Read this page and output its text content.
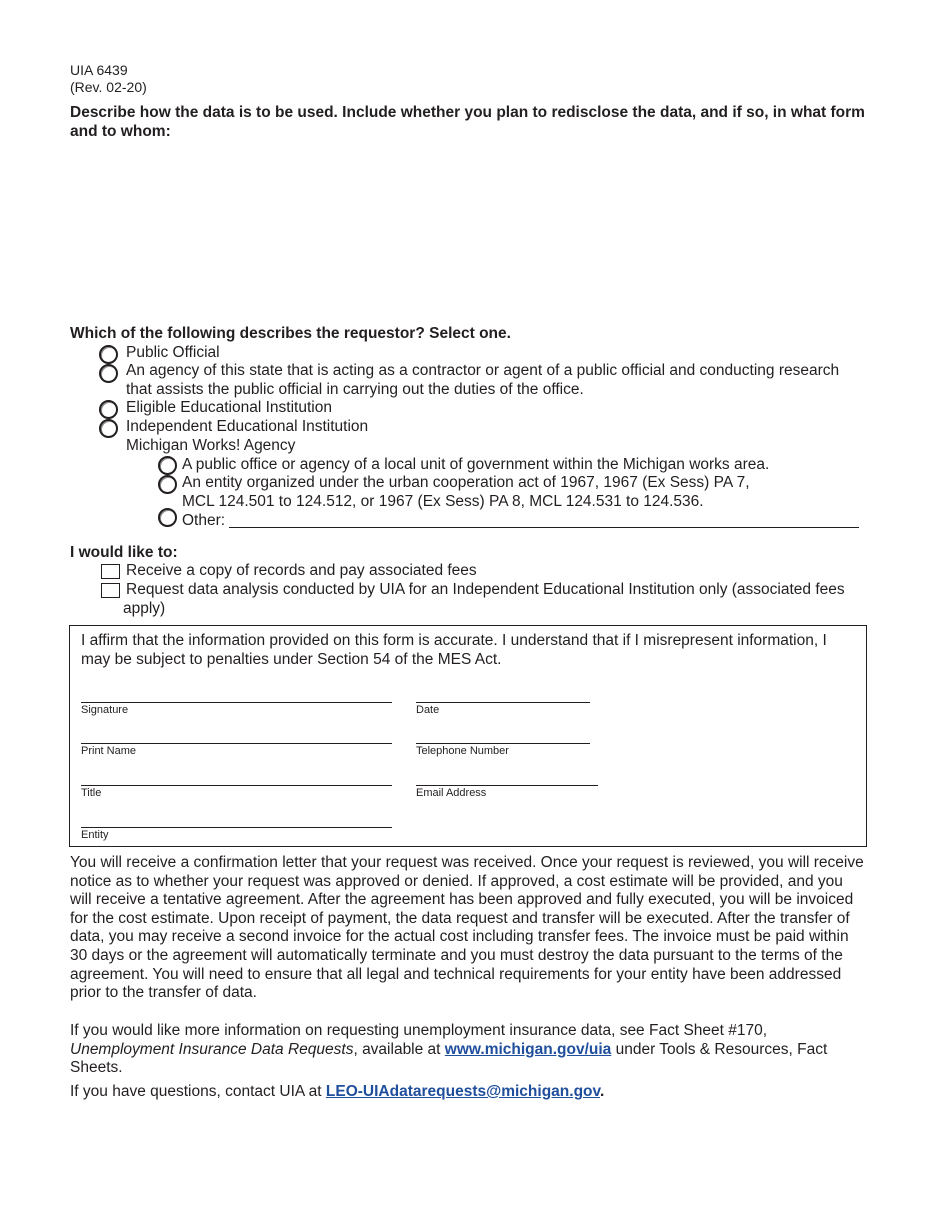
UIA 6439
(Rev. 02-20)
Describe how the data is to be used. Include whether you plan to redisclose the data, and if so, in what form and to whom:
Which of the following describes the requestor? Select one.
Public Official
An agency of this state that is acting as a contractor or agent of a public official and conducting research that assists the public official in carrying out the duties of the office.
Eligible Educational Institution
Independent Educational Institution
Michigan Works! Agency
A public office or agency of a local unit of government within the Michigan works area.
An entity organized under the urban cooperation act of 1967, 1967 (Ex Sess) PA 7,
MCL 124.501 to 124.512, or 1967 (Ex Sess) PA 8, MCL 124.531 to 124.536.
Other:
I would like to:
Receive a copy of records and pay associated fees
Request data analysis conducted by UIA for an Independent Educational Institution only (associated fees
apply)
I affirm that the information provided on this form is accurate. I understand that if I misrepresent information, I may be subject to penalties under Section 54 of the MES Act.
Signature	Date
Print Name	Telephone Number
Title	Email Address
Entity
You will receive a confirmation letter that your request was received. Once your request is reviewed, you will receive notice as to whether your request was approved or denied. If approved, a cost estimate will be provided, and you will receive a tentative agreement. After the agreement has been approved and fully executed, you will be invoiced for the cost estimate. Upon receipt of payment, the data request and transfer will be executed. After the transfer of data, you may receive a second invoice for the actual cost including transfer fees. The invoice must be paid within 30 days or the agreement will automatically terminate and you must destroy the data pursuant to the terms of the agreement. You will need to ensure that all legal and technical requirements for your entity have been addressed prior to the transfer of data.
If you would like more information on requesting unemployment insurance data, see Fact Sheet #170,
Unemployment Insurance Data Requests, available at www.michigan.gov/uia under Tools & Resources, Fact Sheets.
If you have questions, contact UIA at LEO-UIAdatarequests@michigan.gov.
